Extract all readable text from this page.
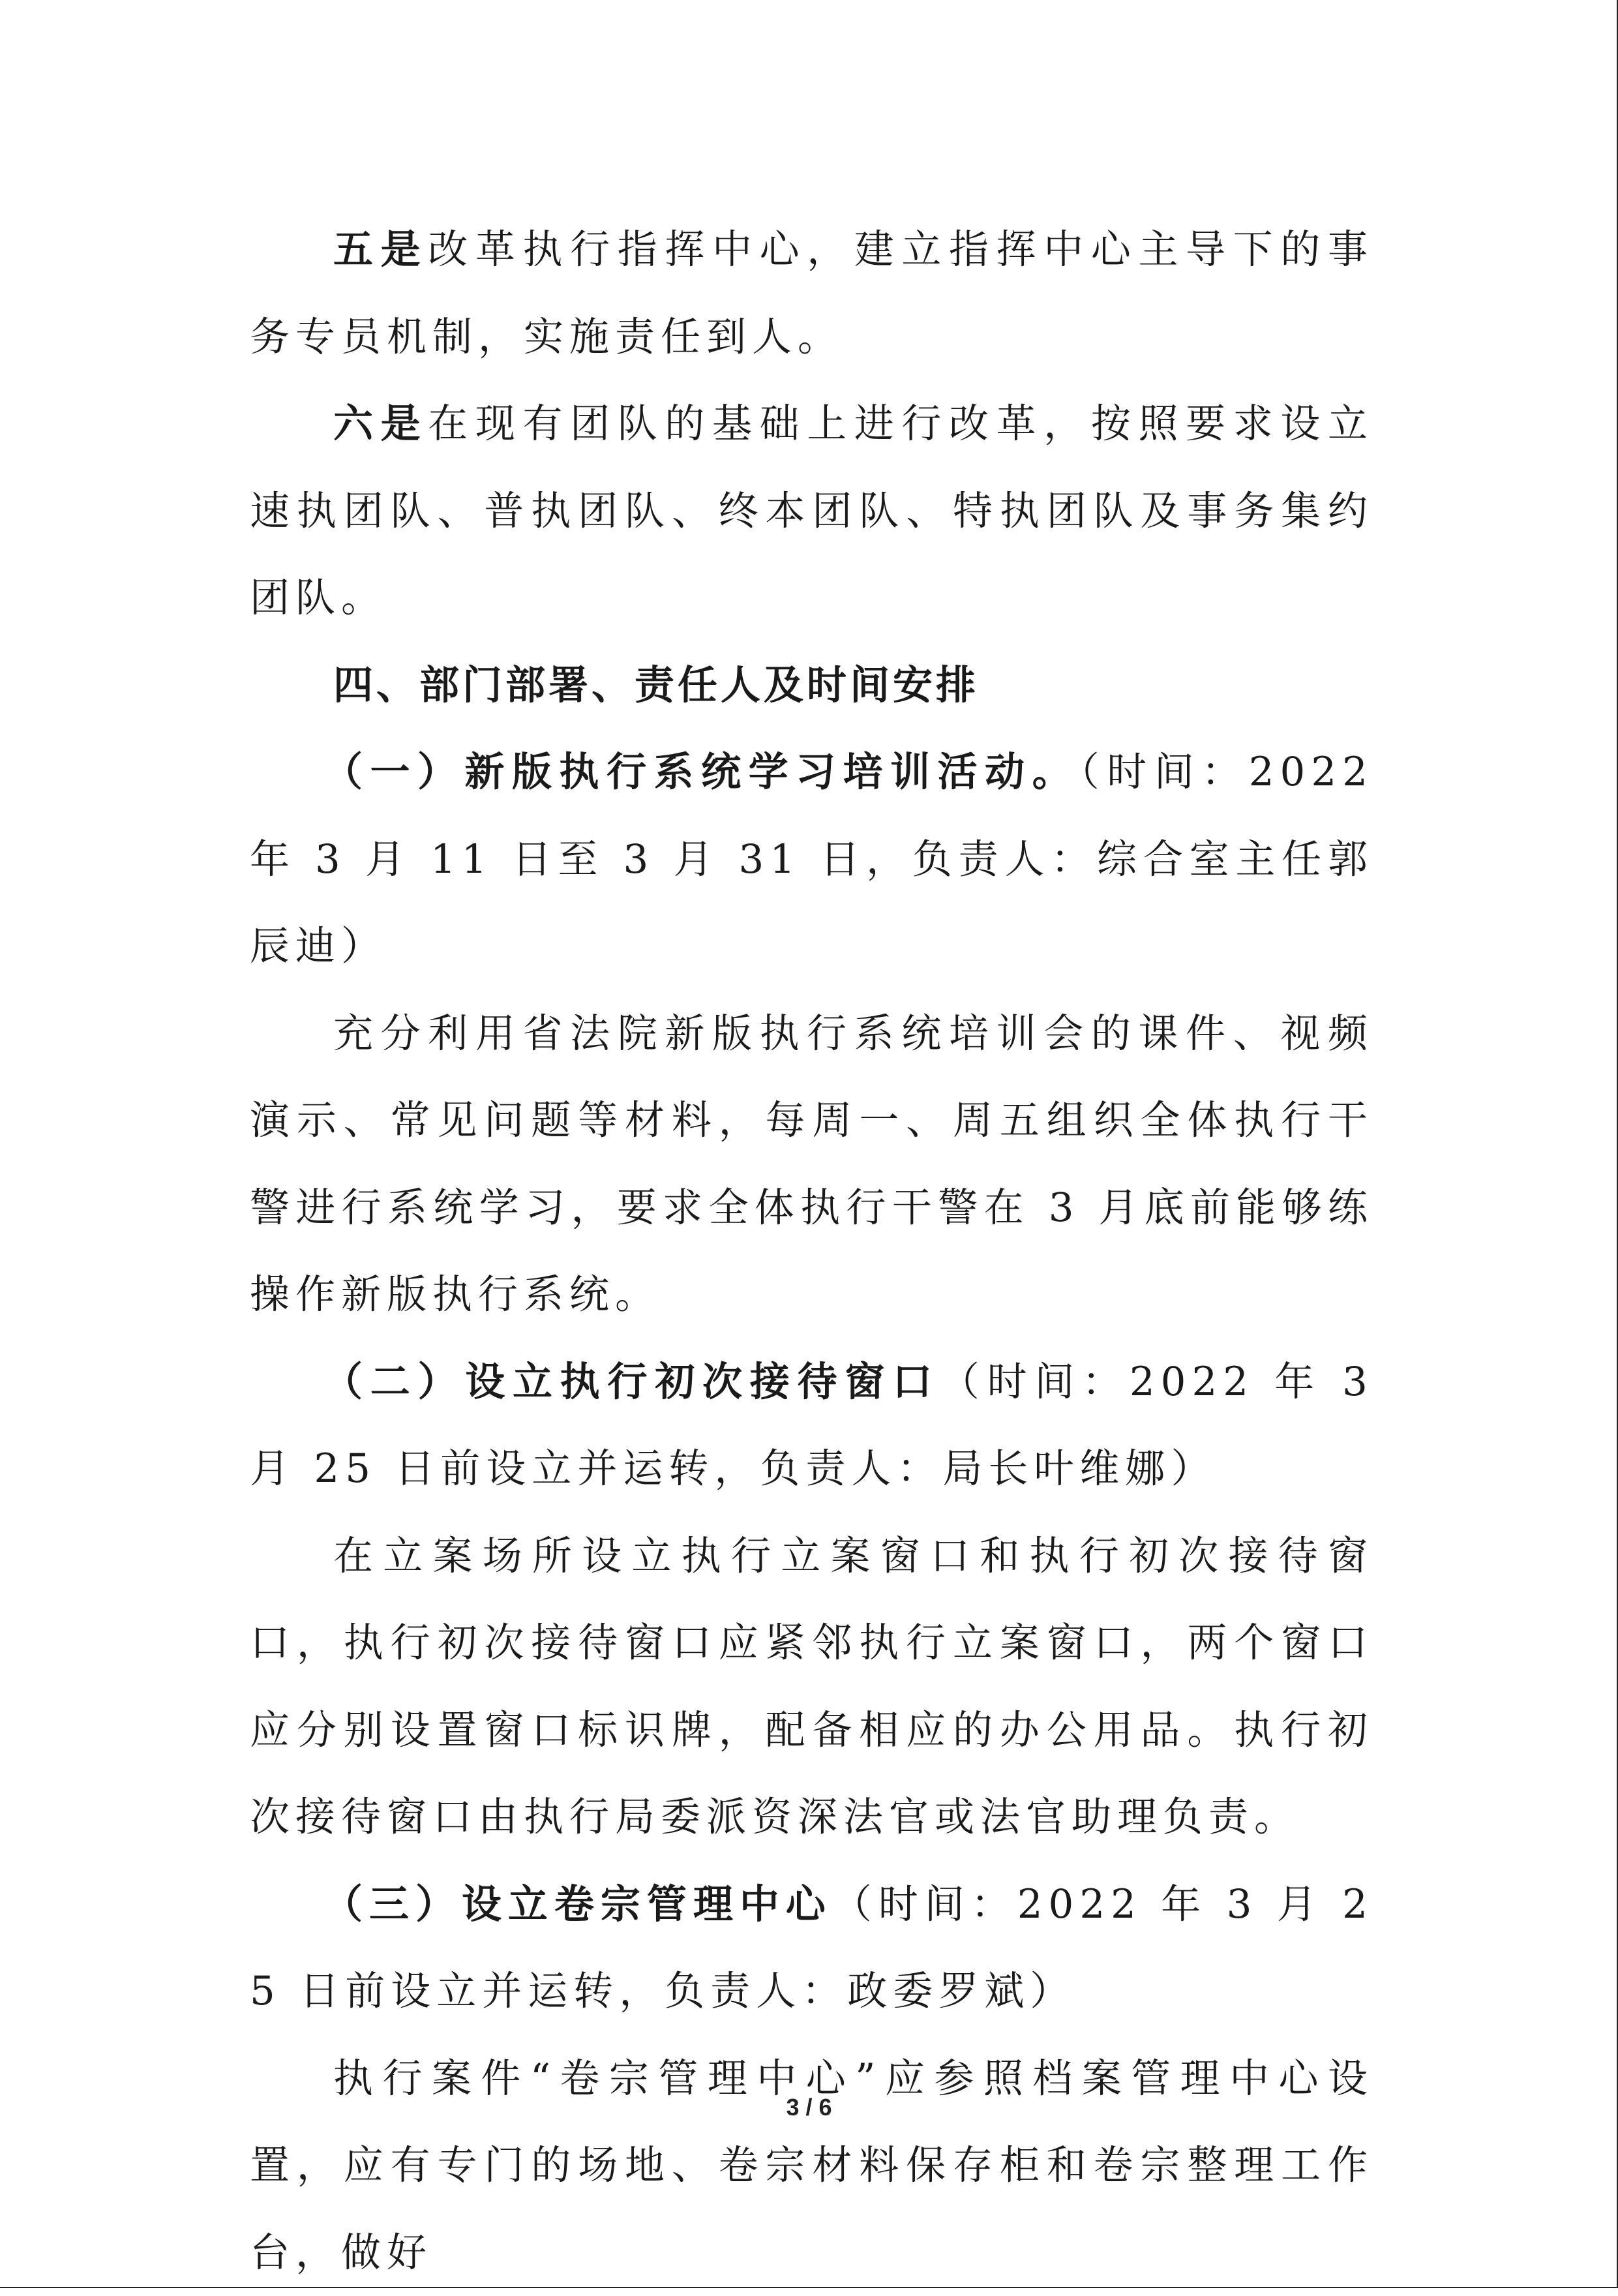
五是改革执行指挥中心，建立指挥中心主导下的事务专员机制，实施责任到人。

六是在现有团队的基础上进行改革，按照要求设立速执团队、普执团队、终本团队、特执团队及事务集约团队。

四、部门部署、责任人及时间安排

（一）新版执行系统学习培训活动。（时间：2022 年 3 月 11 日至 3 月 31 日，负责人：综合室主任郭辰迪）

充分利用省法院新版执行系统培训会的课件、视频演示、常见问题等材料，每周一、周五组织全体执行干警进行系统学习，要求全体执行干警在 3 月底前能够练操作新版执行系统。

（二）设立执行初次接待窗口（时间：2022 年 3 月 25 日前设立并运转，负责人：局长叶维娜）

在立案场所设立执行立案窗口和执行初次接待窗口，执行初次接待窗口应紧邻执行立案窗口，两个窗口应分别设置窗口标识牌，配备相应的办公用品。执行初次接待窗口由执行局委派资深法官或法官助理负责。

（三）设立卷宗管理中心（时间：2022 年 3 月 25 日前设立并运转，负责人：政委罗斌）

执行案件“卷宗管理中心”应参照档案管理中心设置，应有专门的场地、卷宗材料保存柜和卷宗整理工作台，做好

3 / 6
